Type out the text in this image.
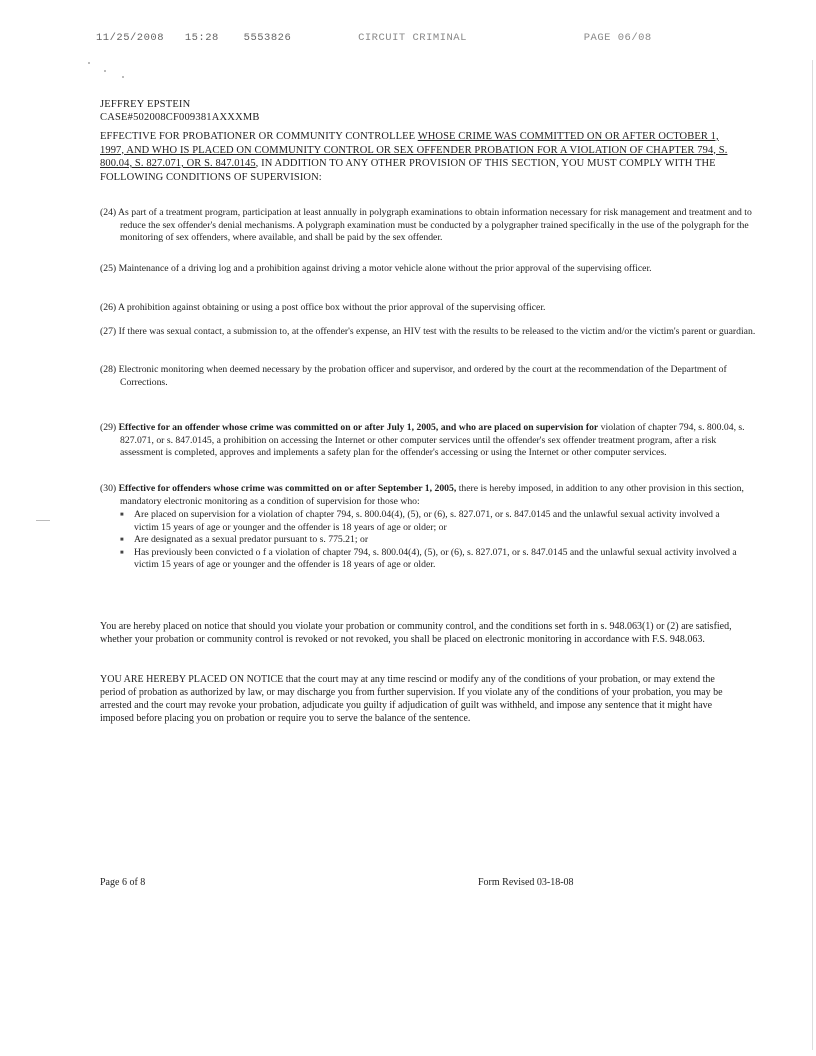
11/25/2008 15:28 5553826	CIRCUIT CRIMINAL	PAGE 06/08
JEFFREY EPSTEIN
CASE#502008CF009381AXXXMB
EFFECTIVE FOR PROBATIONER OR COMMUNITY CONTROLLEE WHOSE CRIME WAS COMMITTED ON OR AFTER OCTOBER 1, 1997, AND WHO IS PLACED ON COMMUNITY CONTROL OR SEX OFFENDER PROBATION FOR A VIOLATION OF CHAPTER 794, S. 800.04, S. 827.071, OR S. 847.0145, IN ADDITION TO ANY OTHER PROVISION OF THIS SECTION, YOU MUST COMPLY WITH THE FOLLOWING CONDITIONS OF SUPERVISION:
(24) As part of a treatment program, participation at least annually in polygraph examinations to obtain information necessary for risk management and treatment and to reduce the sex offender's denial mechanisms. A polygraph examination must be conducted by a polygrapher trained specifically in the use of the polygraph for the monitoring of sex offenders, where available, and shall be paid by the sex offender.
(25) Maintenance of a driving log and a prohibition against driving a motor vehicle alone without the prior approval of the supervising officer.
(26) A prohibition against obtaining or using a post office box without the prior approval of the supervising officer.
(27) If there was sexual contact, a submission to, at the offender's expense, an HIV test with the results to be released to the victim and/or the victim's parent or guardian.
(28) Electronic monitoring when deemed necessary by the probation officer and supervisor, and ordered by the court at the recommendation of the Department of Corrections.
(29) Effective for an offender whose crime was committed on or after July 1, 2005, and who are placed on supervision for violation of chapter 794, s. 800.04, s. 827.071, or s. 847.0145, a prohibition on accessing the Internet or other computer services until the offender's sex offender treatment program, after a risk assessment is completed, approves and implements a safety plan for the offender's accessing or using the Internet or other computer services.
(30) Effective for offenders whose crime was committed on or after September 1, 2005, there is hereby imposed, in addition to any other provision in this section, mandatory electronic monitoring as a condition of supervision for those who:
■ Are placed on supervision for a violation of chapter 794, s. 800.04(4), (5), or (6), s. 827.071, or s. 847.0145 and the unlawful sexual activity involved a victim 15 years of age or younger and the offender is 18 years of age or older; or
■ Are designated as a sexual predator pursuant to s. 775.21; or
■ Has previously been convicted o f a violation of chapter 794, s. 800.04(4), (5), or (6), s. 827.071, or s. 847.0145 and the unlawful sexual activity involved a victim 15 years of age or younger and the offender is 18 years of age or older.
You are hereby placed on notice that should you violate your probation or community control, and the conditions set forth in s. 948.063(1) or (2) are satisfied, whether your probation or community control is revoked or not revoked, you shall be placed on electronic monitoring in accordance with F.S. 948.063.
YOU ARE HEREBY PLACED ON NOTICE that the court may at any time rescind or modify any of the conditions of your probation, or may extend the period of probation as authorized by law, or may discharge you from further supervision. If you violate any of the conditions of your probation, you may be arrested and the court may revoke your probation, adjudicate you guilty if adjudication of guilt was withheld, and impose any sentence that it might have imposed before placing you on probation or require you to serve the balance of the sentence.
Page 6 of 8	Form Revised 03-18-08
